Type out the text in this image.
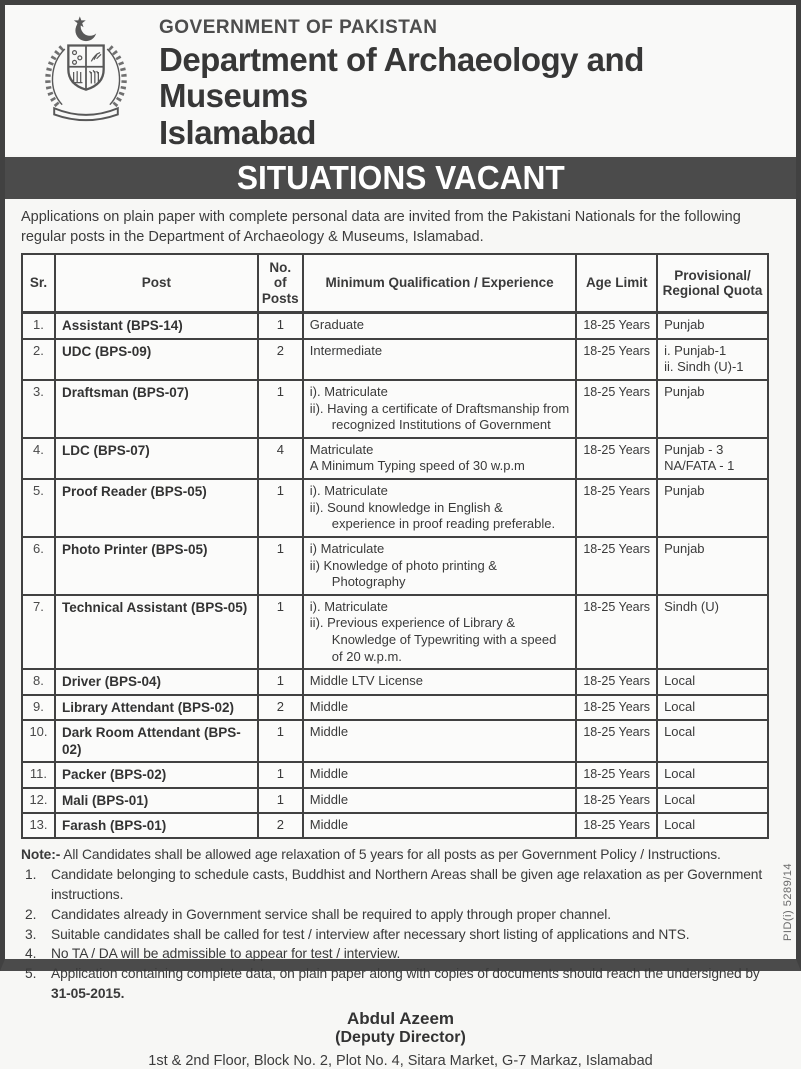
GOVERNMENT OF PAKISTAN
Department of Archaeology and Museums
Islamabad
SITUATIONS VACANT

Applications on plain paper with complete personal data are invited from the Pakistani Nationals for the following regular posts in the Department of Archaeology & Museums, Islamabad.

Sr.	Post	No. of Posts	Minimum Qualification / Experience	Age Limit	Provisional/ Regional Quota
1.	Assistant (BPS-14)	1	Graduate	18-25 Years	Punjab

2.	UDC (BPS-09)	2	Intermediate	18-25 Years	i. Punjab-1
ii. Sindh (U)-1

3.	Draftsman (BPS-07)	1	i). Matriculate
ii). Having a certificate of Draftsmanship from recognized Institutions of Government	18-25 Years	Punjab

4.	LDC (BPS-07)	4	Matriculate
A Minimum Typing speed of 30 w.p.m
	18-25 Years	Punjab - 3
NA/FATA - 1

5.	Proof Reader (BPS-05)	1	i). Matriculate
ii). Sound knowledge in English & experience in proof reading preferable.	18-25 Years	Punjab

6.	Photo Printer (BPS-05)	1	i) Matriculate
ii) Knowledge of photo printing & Photography	18-25 Years	Punjab

7.	Technical Assistant (BPS-05)	1	i). Matriculate
ii). Previous experience of Library & Knowledge of Typewriting with a speed of 20 w.p.m.	18-25 Years	Sindh (U)

8.	Driver (BPS-04)	1	Middle LTV License	18-25 Years	Local

9.	Library Attendant (BPS-02)	2	Middle	18-25 Years	Local

10.	Dark Room Attendant (BPS-02)	1	Middle	18-25 Years	Local

11.	Packer (BPS-02)	1	Middle	18-25 Years	Local

12.	Mali (BPS-01)	1	Middle	18-25 Years	Local

13.	Farash (BPS-01)	2	Middle	18-25 Years	Local
Note:- All Candidates shall be allowed age relaxation of 5 years for all posts as per Government Policy / Instructions.
1.	Candidate belonging to schedule casts, Buddhist and Northern Areas shall be given age relaxation as per Government instructions.
2.	Candidates already in Government service shall be required to apply through proper channel.
3.	Suitable candidates shall be called for test / interview after necessary short listing of applications and NTS.
4.	No TA / DA will be admissible to appear for test / interview.
5.	Application containing complete data, on plain paper along with copies of documents should reach the undersigned by 31-05-2015.
Abdul Azeem
(Deputy Director)
1st & 2nd Floor, Block No. 2, Plot No. 4, Sitara Market, G-7 Markaz, Islamabad
PID(i) 5289/14
